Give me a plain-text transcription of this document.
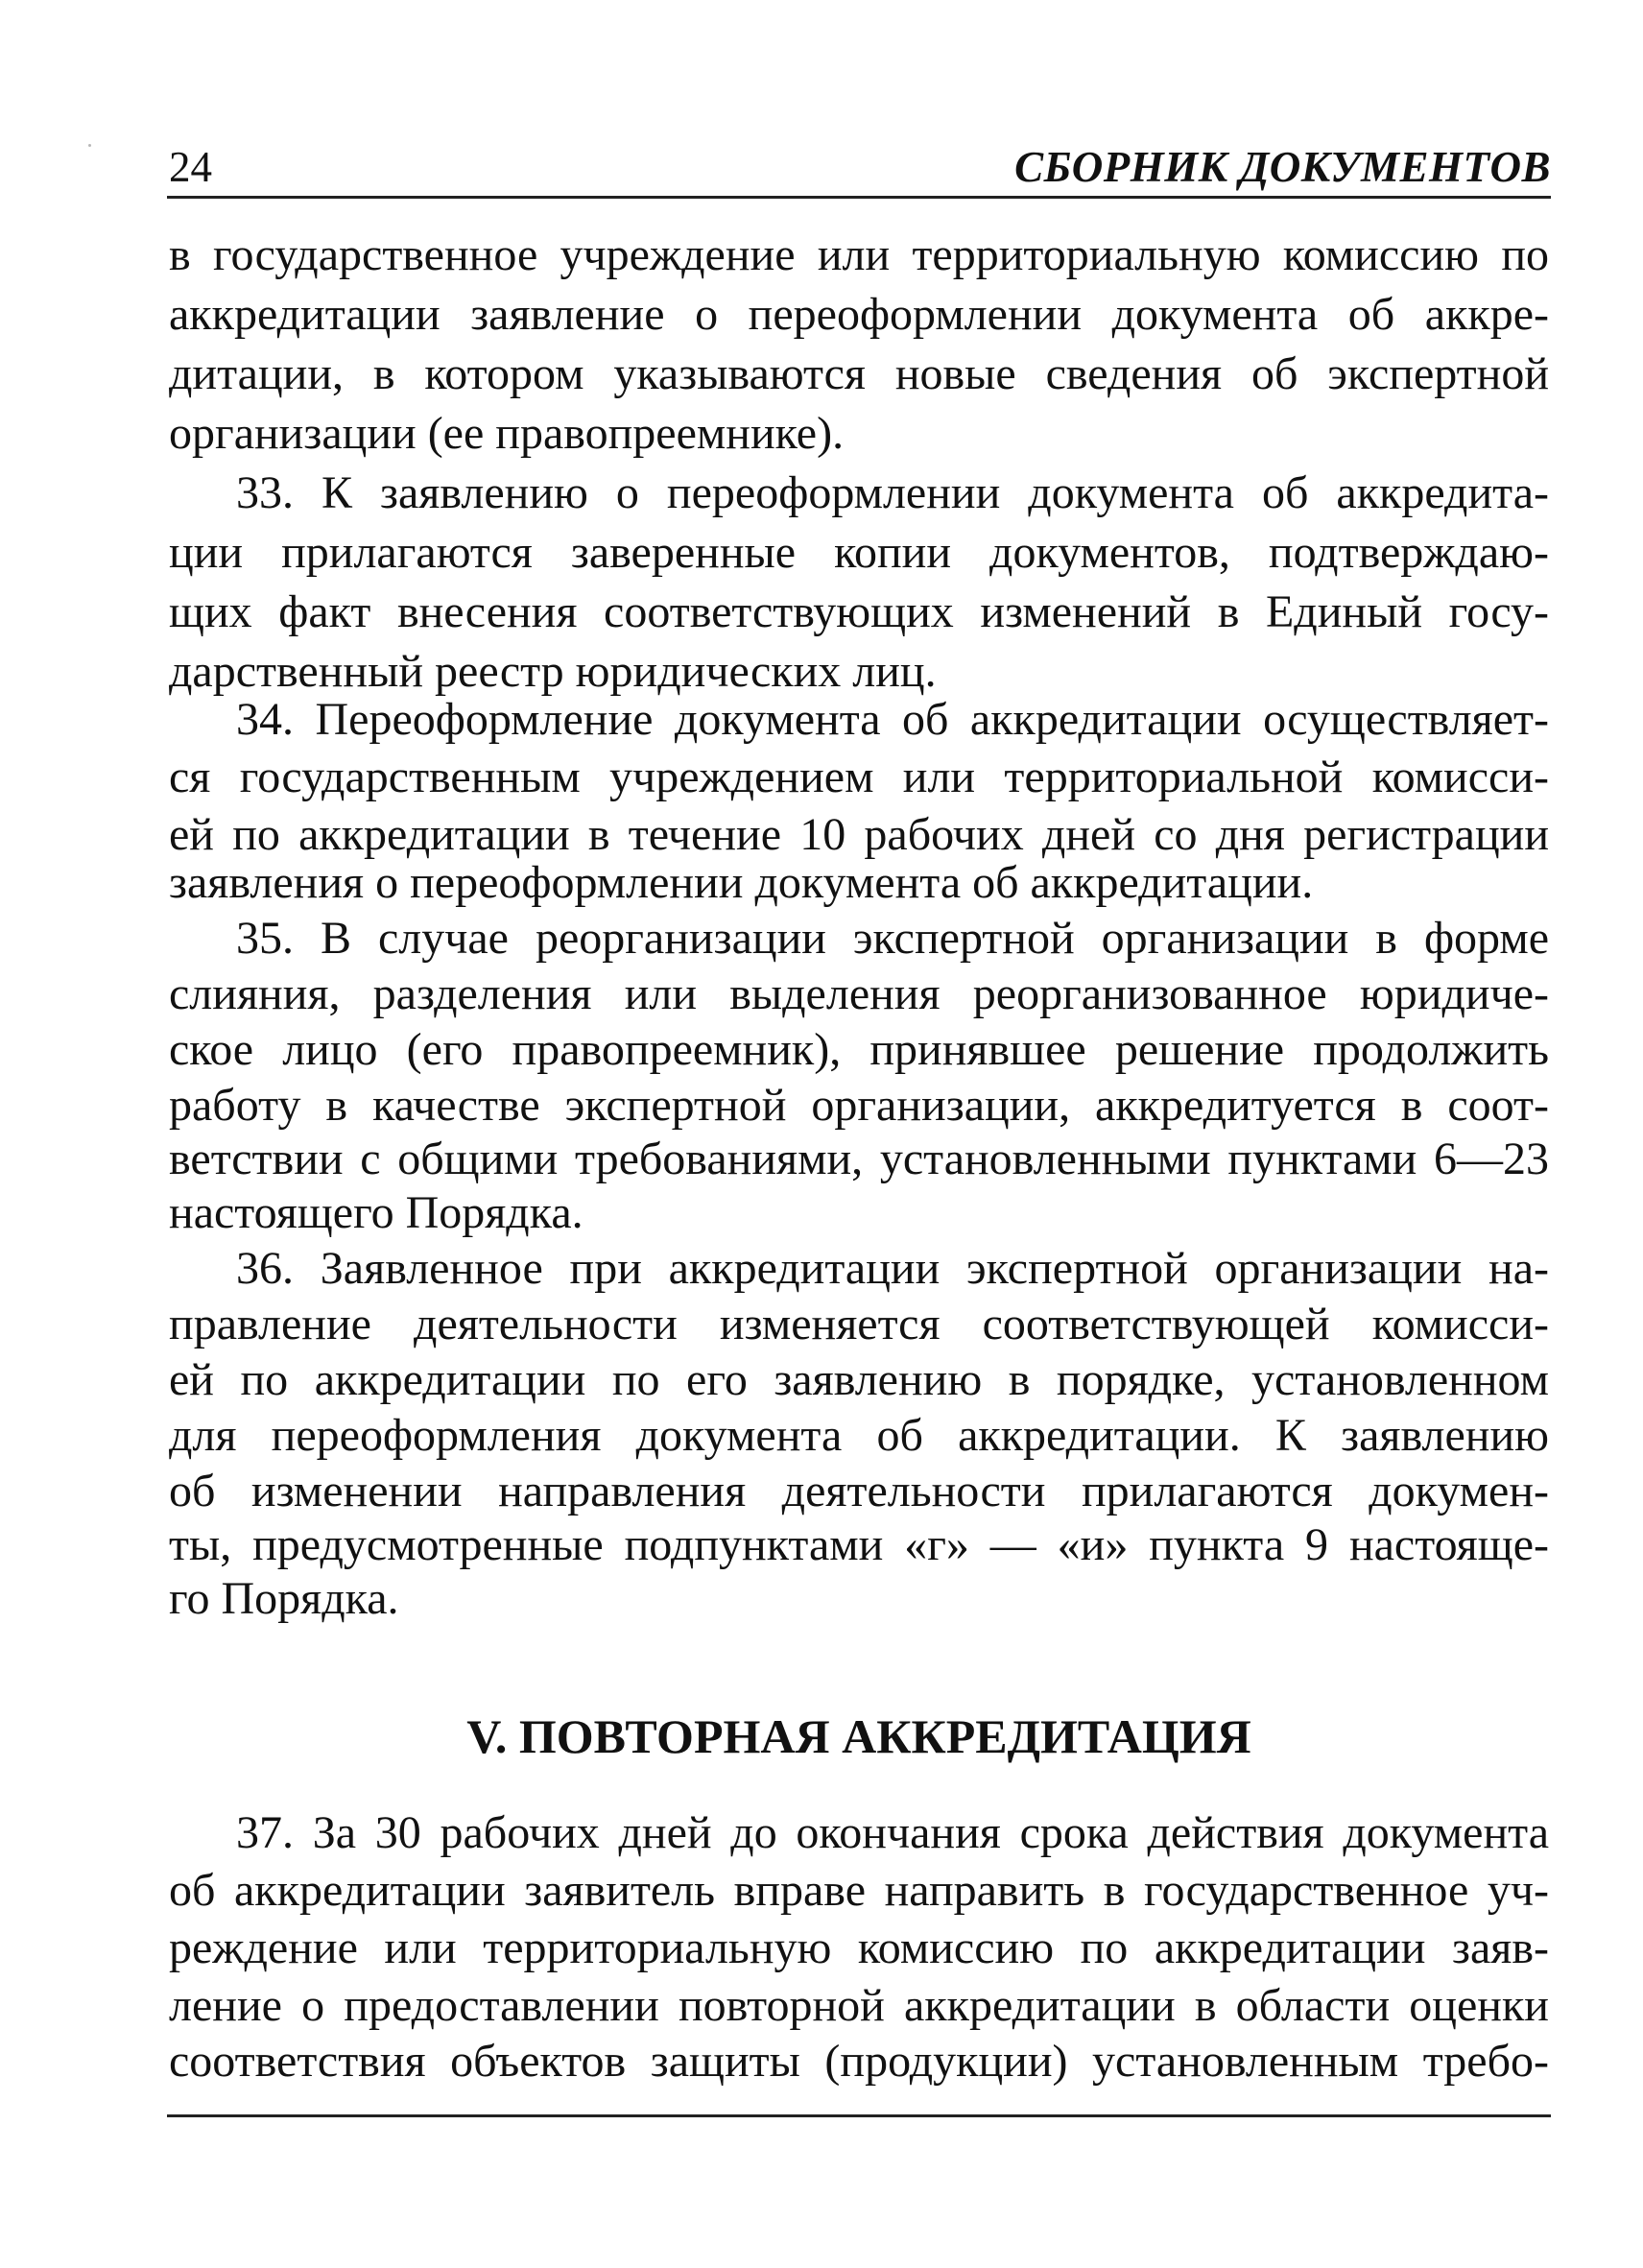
24	СБОРНИК ДОКУМЕНТОВ
в государственное учреждение или территориальную комиссию по
аккредитации заявление о переоформлении документа об аккре-
дитации, в котором указываются новые сведения об экспертной
организации (ее правопреемнике).
33. К заявлению о переоформлении документа об аккредита-
ции прилагаются заверенные копии документов, подтверждаю-
щих факт внесения соответствующих изменений в Единый госу-
дарственный реестр юридических лиц.
34. Переоформление документа об аккредитации осуществляет-
ся государственным учреждением или территориальной комисси-
ей по аккредитации в течение 10 рабочих дней со дня регистрации
заявления о переоформлении документа об аккредитации.
35. В случае реорганизации экспертной организации в форме
слияния, разделения или выделения реорганизованное юридиче-
ское лицо (его правопреемник), принявшее решение продолжить
работу в качестве экспертной организации, аккредитуется в соот-
ветствии с общими требованиями, установленными пунктами 6—23
настоящего Порядка.
36. Заявленное при аккредитации экспертной организации на-
правление деятельности изменяется соответствующей комисси-
ей по аккредитации по его заявлению в порядке, установленном
для переоформления документа об аккредитации. К заявлению
об изменении направления деятельности прилагаются докумен-
ты, предусмотренные подпунктами «г» — «и» пункта 9 настояще-
го Порядка.
V. ПОВТОРНАЯ АККРЕДИТАЦИЯ
37. За 30 рабочих дней до окончания срока действия документа
об аккредитации заявитель вправе направить в государственное уч-
реждение или территориальную комиссию по аккредитации заяв-
ление о предоставлении повторной аккредитации в области оценки
соответствия объектов защиты (продукции) установленным требо-
